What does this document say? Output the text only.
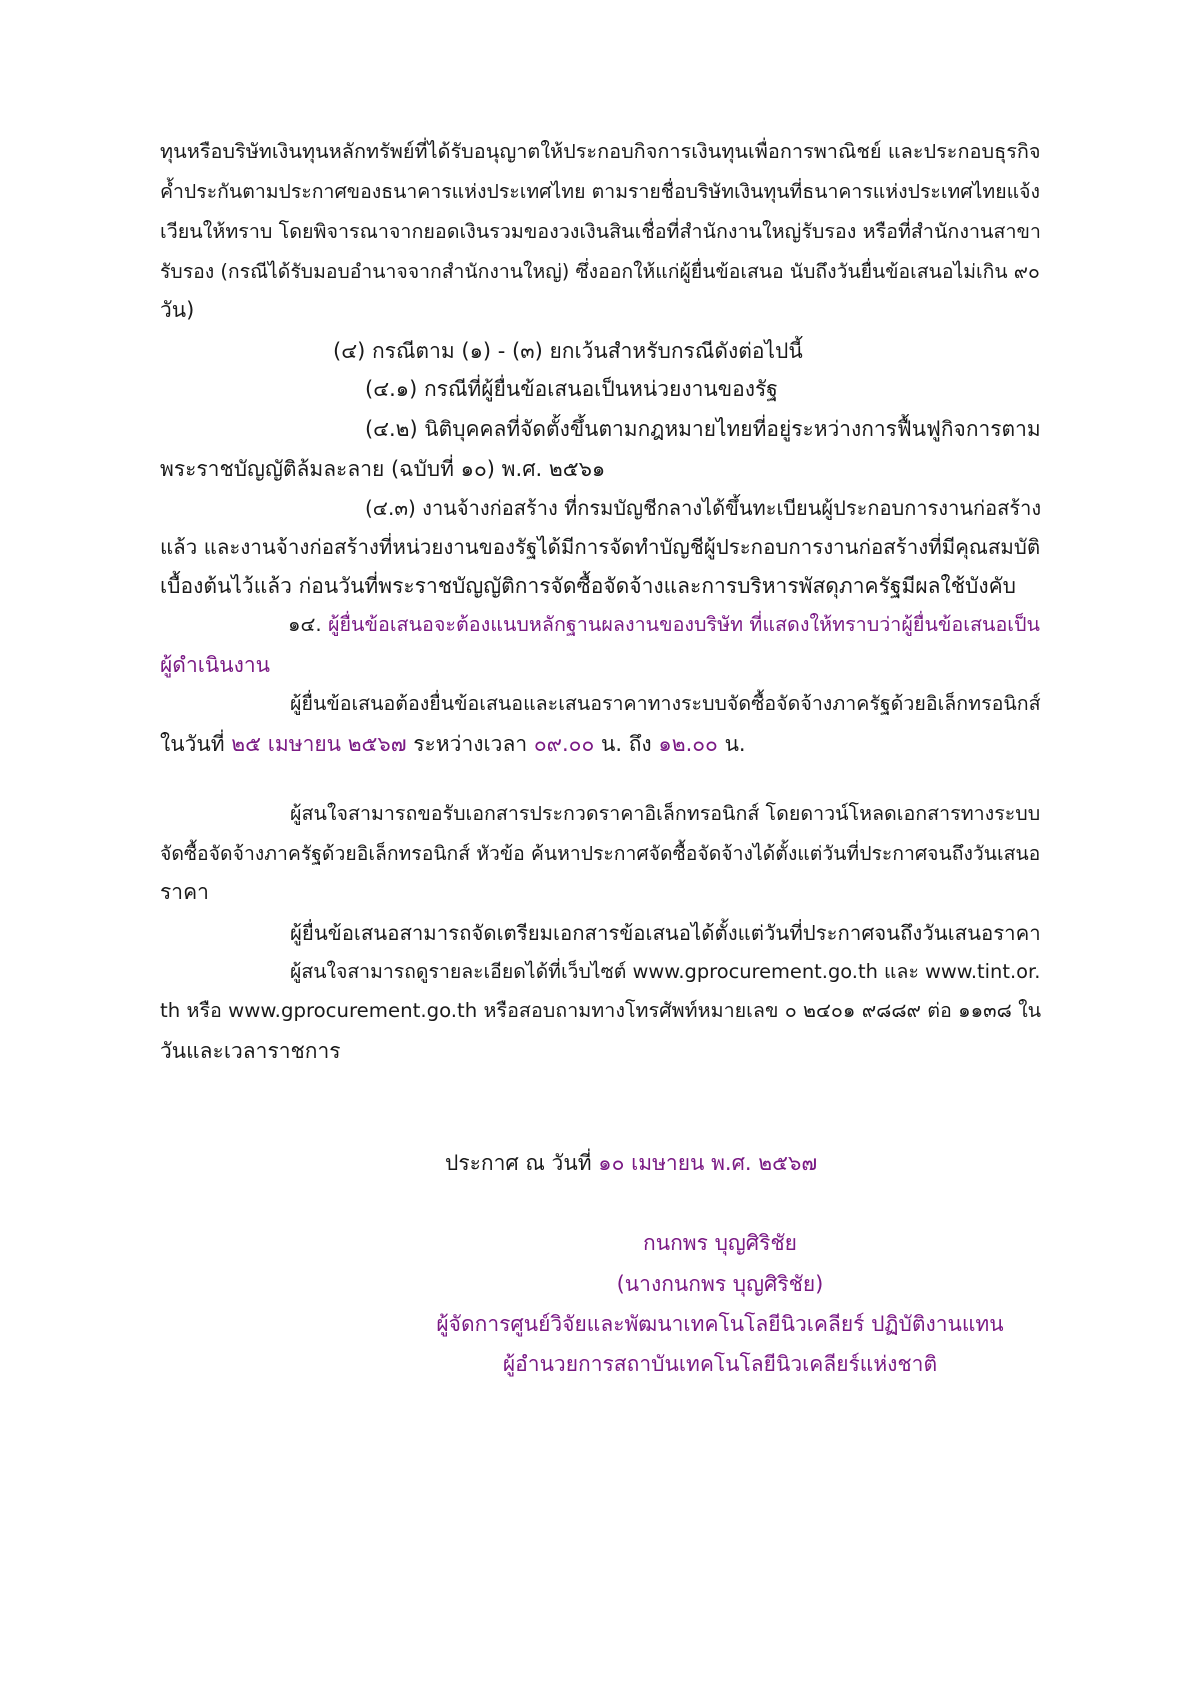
ทุนหรือบริษัทเงินทุนหลักทรัพย์ที่ได้รับอนุญาตให้ประกอบกิจการเงินทุนเพื่อการพาณิชย์ และประกอบธุรกิจ
ค้ำประกันตามประกาศของธนาคารแห่งประเทศไทย ตามรายชื่อบริษัทเงินทุนที่ธนาคารแห่งประเทศไทยแจ้ง
เวียนให้ทราบ โดยพิจารณาจากยอดเงินรวมของวงเงินสินเชื่อที่สำนักงานใหญ่รับรอง หรือที่สำนักงานสาขา
รับรอง (กรณีได้รับมอบอำนาจจากสำนักงานใหญ่) ซึ่งออกให้แก่ผู้ยื่นข้อเสนอ นับถึงวันยื่นข้อเสนอไม่เกิน ๙๐
วัน)
(๔) กรณีตาม (๑) - (๓) ยกเว้นสำหรับกรณีดังต่อไปนี้
(๔.๑) กรณีที่ผู้ยื่นข้อเสนอเป็นหน่วยงานของรัฐ
(๔.๒) นิติบุคคลที่จัดตั้งขึ้นตามกฎหมายไทยที่อยู่ระหว่างการฟื้นฟูกิจการตาม
พระราชบัญญัติล้มละลาย (ฉบับที่ ๑๐) พ.ศ. ๒๕๖๑
(๔.๓) งานจ้างก่อสร้าง ที่กรมบัญชีกลางได้ขึ้นทะเบียนผู้ประกอบการงานก่อสร้าง
แล้ว และงานจ้างก่อสร้างที่หน่วยงานของรัฐได้มีการจัดทำบัญชีผู้ประกอบการงานก่อสร้างที่มีคุณสมบัติ
เบื้องต้นไว้แล้ว ก่อนวันที่พระราชบัญญัติการจัดซื้อจัดจ้างและการบริหารพัสดุภาครัฐมีผลใช้บังคับ
๑๔. ผู้ยื่นข้อเสนอจะต้องแนบหลักฐานผลงานของบริษัท ที่แสดงให้ทราบว่าผู้ยื่นข้อเสนอเป็น
ผู้ดำเนินงาน
ผู้ยื่นข้อเสนอต้องยื่นข้อเสนอและเสนอราคาทางระบบจัดซื้อจัดจ้างภาครัฐด้วยอิเล็กทรอนิกส์
ในวันที่ ๒๕ เมษายน ๒๕๖๗ ระหว่างเวลา ๐๙.๐๐ น. ถึง ๑๒.๐๐ น.
ผู้สนใจสามารถขอรับเอกสารประกวดราคาอิเล็กทรอนิกส์ โดยดาวน์โหลดเอกสารทางระบบ
จัดซื้อจัดจ้างภาครัฐด้วยอิเล็กทรอนิกส์ หัวข้อ ค้นหาประกาศจัดซื้อจัดจ้างได้ตั้งแต่วันที่ประกาศจนถึงวันเสนอ
ราคา
ผู้ยื่นข้อเสนอสามารถจัดเตรียมเอกสารข้อเสนอได้ตั้งแต่วันที่ประกาศจนถึงวันเสนอราคา
ผู้สนใจสามารถดูรายละเอียดได้ที่เว็บไซต์ www.gprocurement.go.th และ www.tint.or.
th หรือ www.gprocurement.go.th หรือสอบถามทางโทรศัพท์หมายเลข ๐ ๒๔๐๑ ๙๘๘๙ ต่อ ๑๑๓๘ ใน
วันและเวลาราชการ
ประกาศ ณ วันที่ ๑๐ เมษายน พ.ศ. ๒๕๖๗
กนกพร บุญศิริชัย
(นางกนกพร บุญศิริชัย)
ผู้จัดการศูนย์วิจัยและพัฒนาเทคโนโลยีนิวเคลียร์ ปฏิบัติงานแทน
ผู้อำนวยการสถาบันเทคโนโลยีนิวเคลียร์แห่งชาติ
